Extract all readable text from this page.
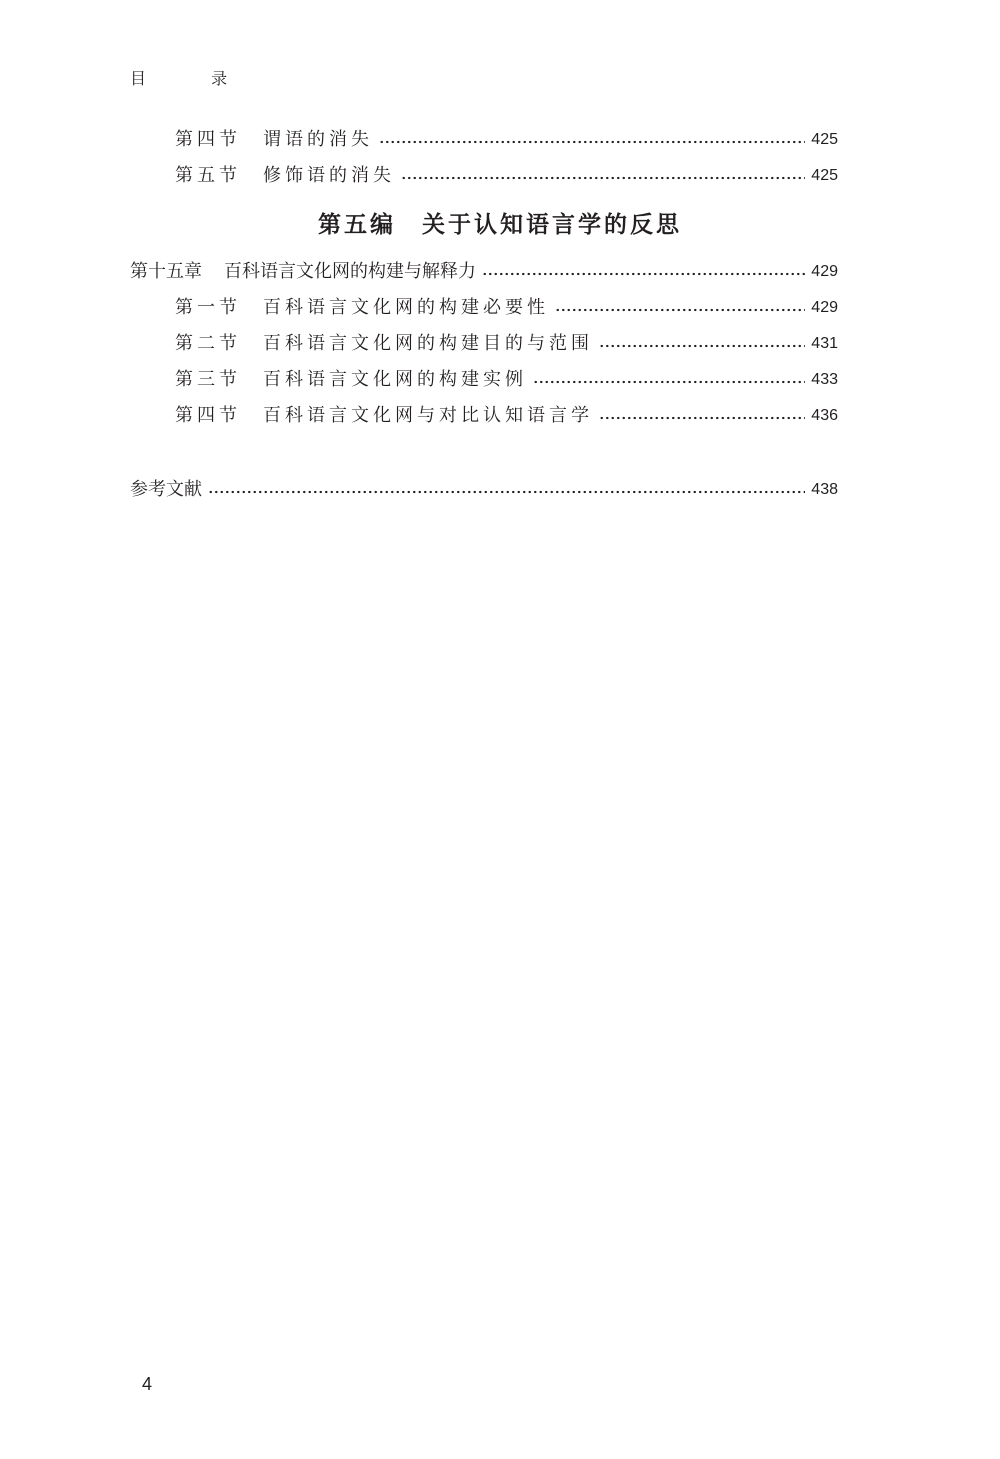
目 录
第四节 谓语的消失	425
第五节 修饰语的消失	425
第五编 关于认知语言学的反思
第十五章 百科语言文化网的构建与解释力	429
第一节 百科语言文化网的构建必要性	429
第二节 百科语言文化网的构建目的与范围	431
第三节 百科语言文化网的构建实例	433
第四节 百科语言文化网与对比认知语言学	436
参考文献	438
4
